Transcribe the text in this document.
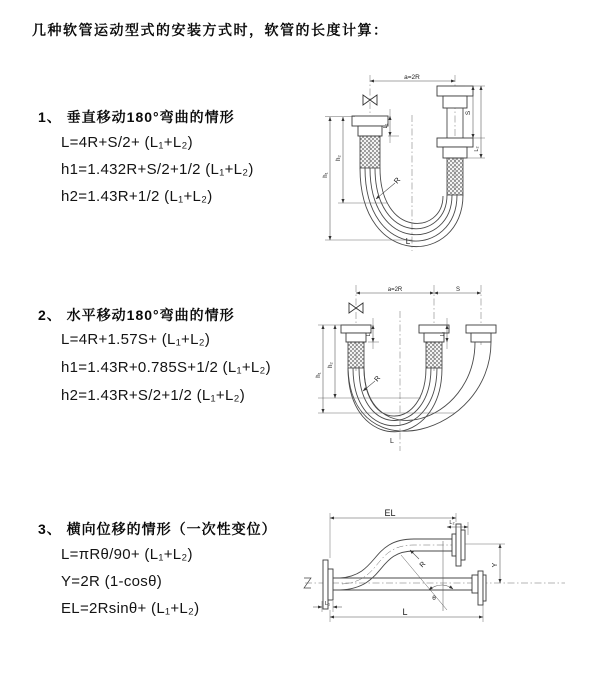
几种软管运动型式的安装方式时，软管的长度计算：
1、 垂直移动180°弯曲的情形
L=4R+S/2+ (L₁+L₂)
h1=1.432R+S/2+1/2 (L₁+L₂)
h2=1.43R+1/2 (L₁+L₂)
2、 水平移动180°弯曲的情形
L=4R+1.57S+ (L₁+L₂)
h1=1.43R+0.785S+1/2 (L₁+L₂)
h2=1.43R+S/2+1/2 (L₁+L₂)
3、 横向位移的情形（一次性变位）
L=πRθ/90+ (L₁+L₂)
Y=2R (1-cosθ)
EL=2Rsinθ+ (L₁+L₂)
a=2R
h₁
h₂
L₁
S
L₂
R
L
a=2R	S
h₁
h₂
L₁	L₂
R
L
EL
L₂
Y
R
θ
L
L₁
